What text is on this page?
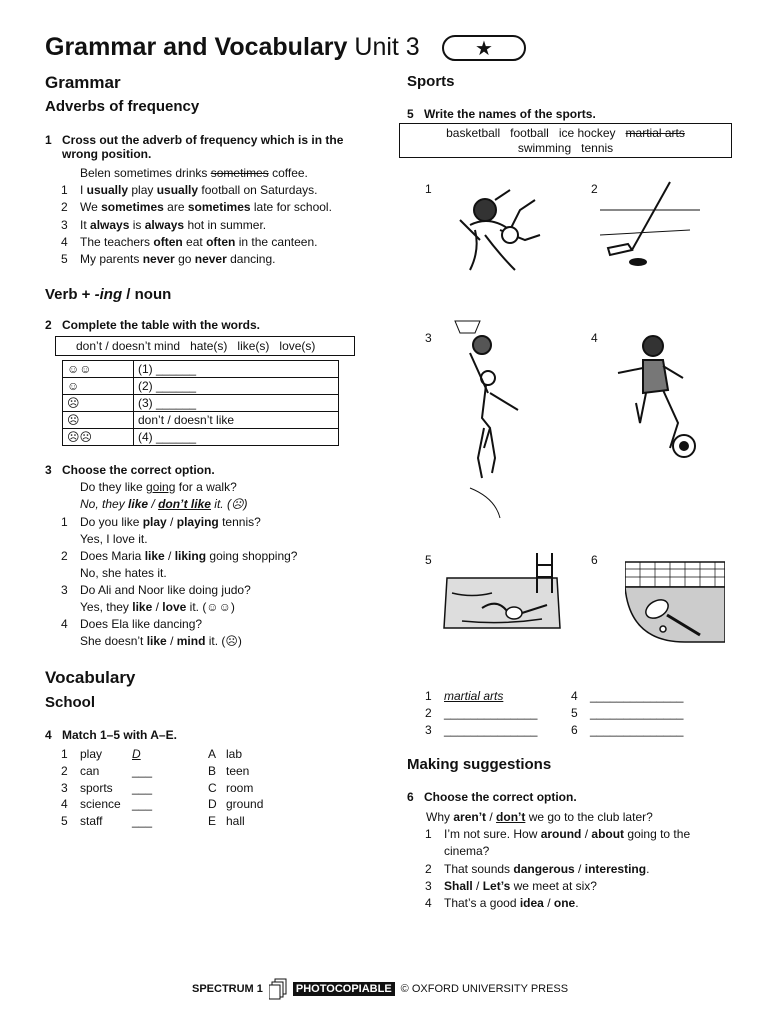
Grammar and Vocabulary Unit 3	★
Grammar
Adverbs of frequency
1 Cross out the adverb of frequency which is in the wrong position.
Belen sometimes drinks sometimes coffee.
1 I usually play usually football on Saturdays.
2 We sometimes are sometimes late for school.
3 It always is always hot in summer.
4 The teachers often eat often in the canteen.
5 My parents never go never dancing.
Verb + -ing / noun
2 Complete the table with the words.
don’t / doesn’t mind   hate(s)   like(s)   love(s)
☺☺	(1) ______
☺	(2) ______
☹	(3) ______
☹	don’t / doesn’t like
☹☹	(4) ______
3 Choose the correct option.
Do they like going for a walk?
No, they like / don’t like it. (☹)
1 Do you like play / playing tennis?
Yes, I love it.
2 Does Maria like / liking going shopping?
No, she hates it.
3 Do Ali and Noor like doing judo?
Yes, they like / love it. (☺☺)
4 Does Ela like dancing?
She doesn’t like / mind it. (☹)
Vocabulary
School
4 Match 1–5 with A–E.
1 play D	A lab
2 can	___	B teen
3 sports ___	C room
4 science ___	D ground
5 staff ___	E hall
Sports
5 Write the names of the sports.
basketball   football   ice hockey martial arts
swimming   tennis
1	2
3	4
5	6
1 martial arts	4 ______________
2 ______________	5 ______________
3 ______________	6 ______________
Making suggestions
6 Choose the correct option.
Why aren’t / don’t we go to the club later?
1 I’m not sure. How around / about going to the
cinema?
2 That sounds dangerous / interesting.
3 Shall / Let’s we meet at six?
4 That’s a good idea / one.
SPECTRUM 1	PHOTOCOPIABLE © OXFORD UNIVERSITY PRESS
